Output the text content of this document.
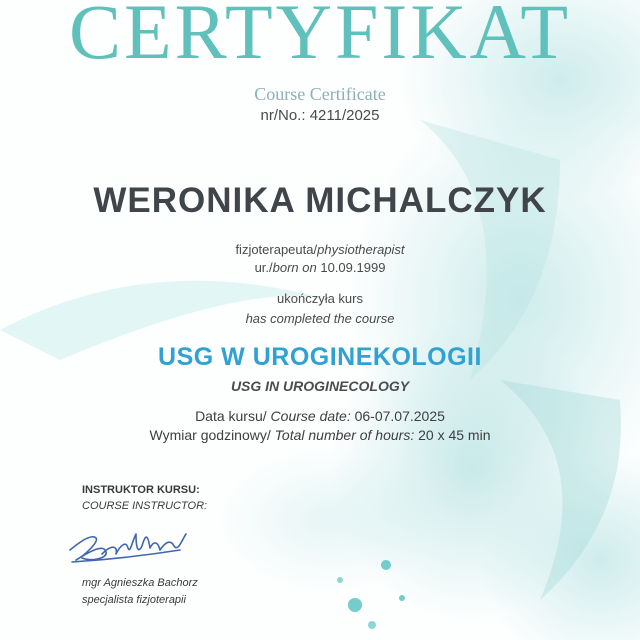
CERTYFIKAT
Course Certificate
nr/No.: 4211/2025
WERONIKA MICHALCZYK
fizjoterapeuta/physiotherapist
ur./born on 10.09.1999
ukończyła kurs
has completed the course
USG W UROGINEKOLOGII
USG IN UROGINECOLOGY
Data kursu/ Course date: 06-07.07.2025
Wymiar godzinowy/ Total number of hours: 20 x 45 min
INSTRUKTOR KURSU:
COURSE INSTRUCTOR:
mgr Agnieszka Bachorz
specjalista fizjoterapii
